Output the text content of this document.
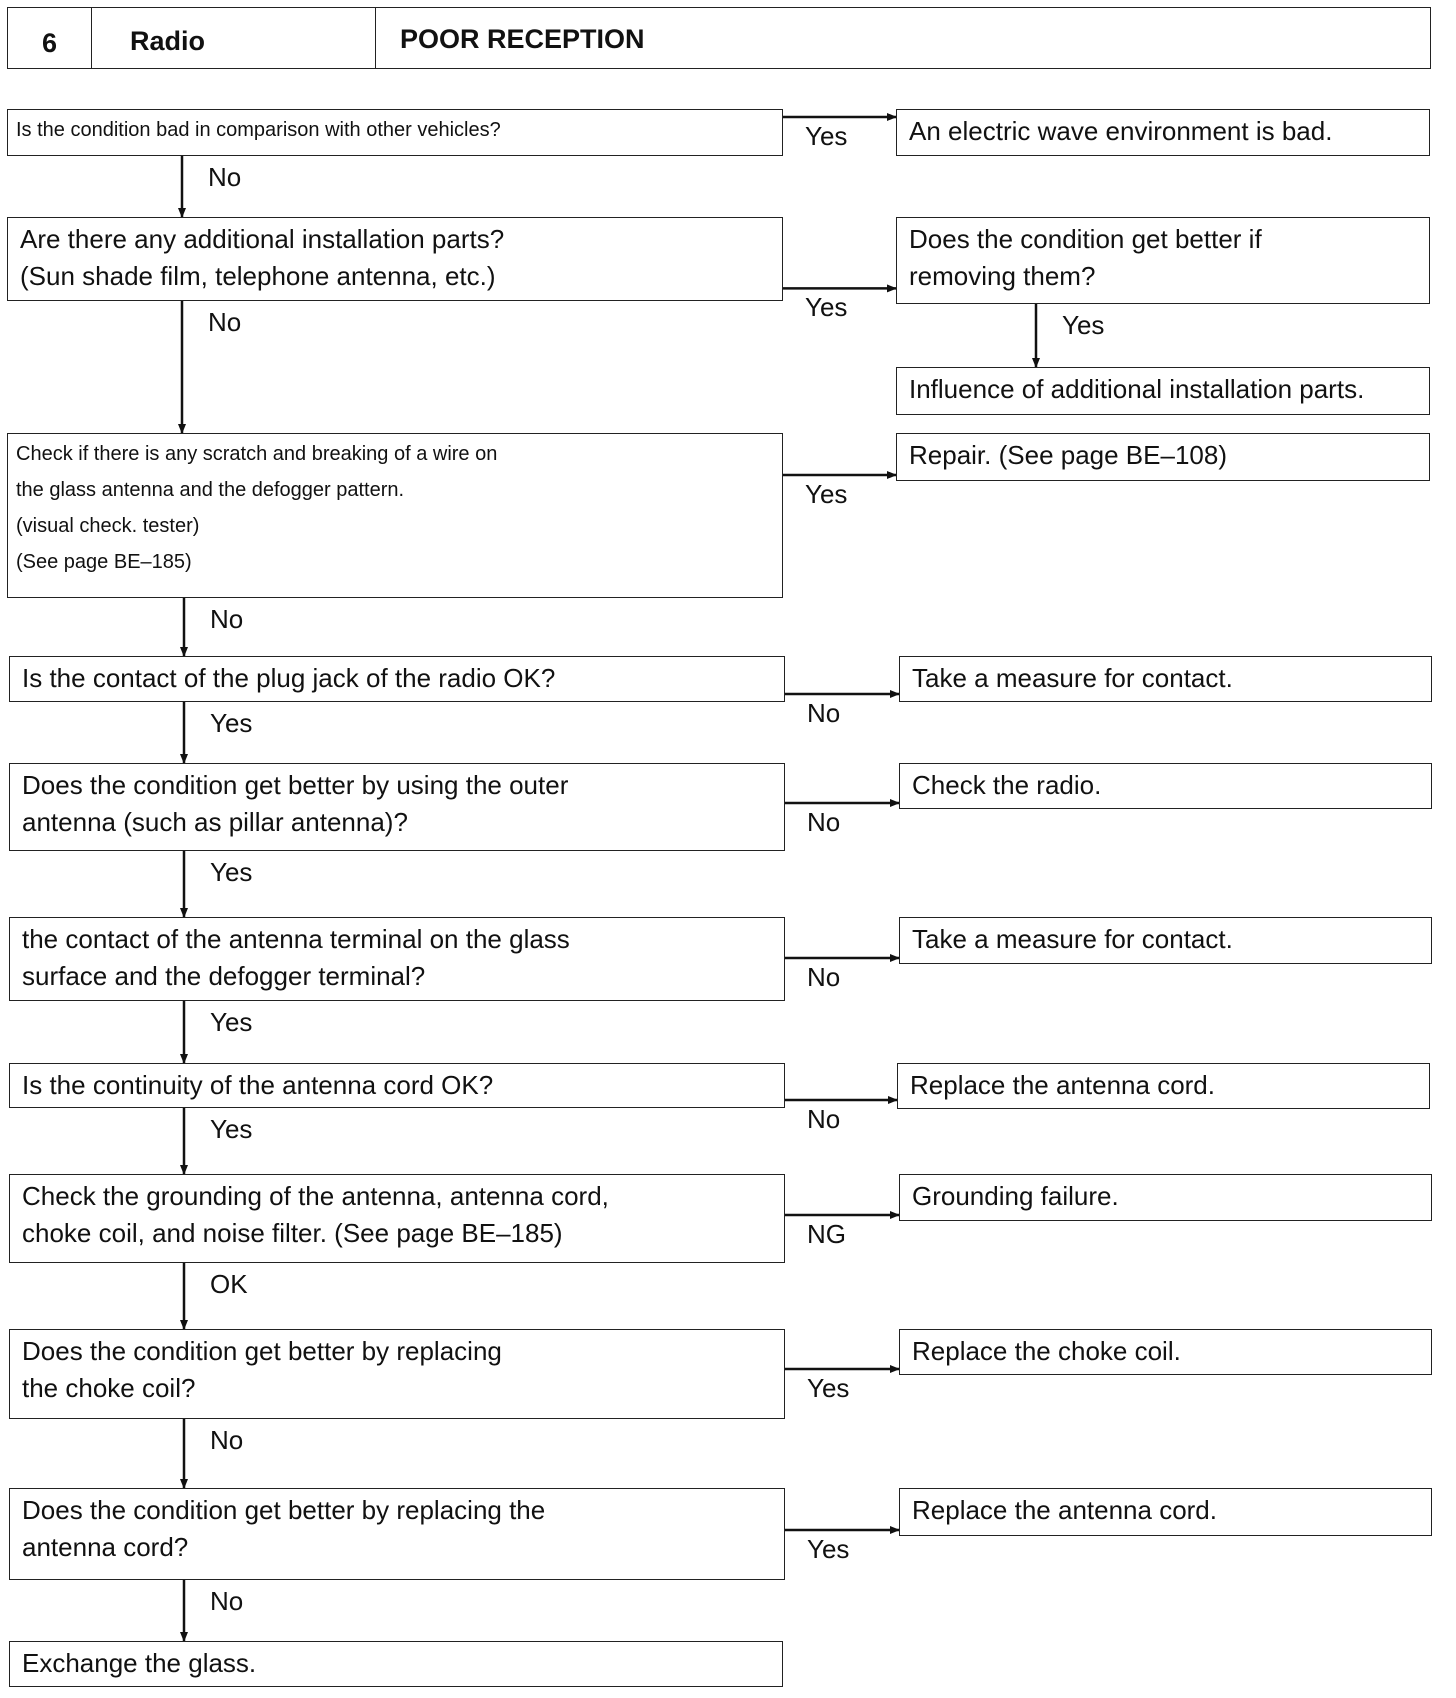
6	Radio	POOR RECEPTION
Is the condition bad in comparison with other vehicles?	An electric wave environment is bad.
Are there any additional installation parts?
(Sun shade film, telephone antenna, etc.)
Does the condition get better if
removing them?
Influence of additional installation parts.
Check if there is any scratch and breaking of a wire on
the glass antenna and the defogger pattern.
(visual check. tester)
(See page BE–185)
Repair. (See page BE–108)
Is the contact of the plug jack of the radio OK?	Take a measure for contact.
Does the condition get better by using the outer
antenna (such as pillar antenna)?
Check the radio.
the contact of the antenna terminal on the glass
surface and the defogger terminal?
Take a measure for contact.
Is the continuity of the antenna cord OK?	Replace the antenna cord.
Check the grounding of the antenna, antenna cord,
choke coil, and noise filter. (See page BE–185)
Grounding failure.
Does the condition get better by replacing
the choke coil?
Replace the choke coil.
Does the condition get better by replacing the
antenna cord?
Replace the antenna cord.
Exchange the glass.
Yes
No
Yes
Yes
No
Yes
No
No
Yes
No
Yes
No
Yes
No
Yes
NG
OK
Yes
No
Yes
No
